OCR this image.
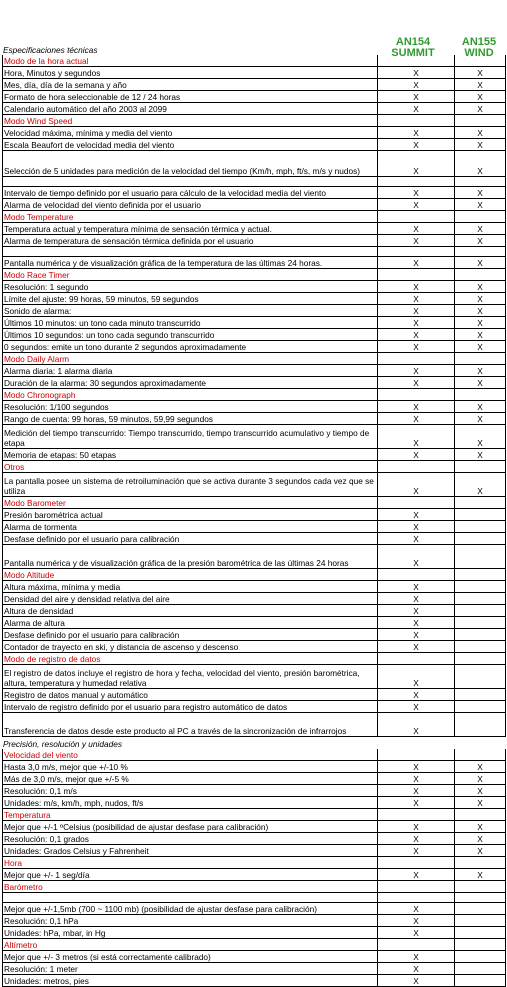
AN154
SUMMIT
AN155
WIND
Especificaciones técnicas
Modo de la hora actual
Hora, Minutos y segundos	X	X
Mes, día, día de la semana y año	X	X
Formato de hora seleccionable de 12 / 24 horas	X	X
Calendario automático del año 2003 al 2099	X	X
Modo Wind Speed
Velocidad máxima, mínima y media del viento	X	X
Escala Beaufort de velocidad media del viento	X	X
Selección de 5 unidades para medición de la velocidad del tiempo (Km/h, mph, ft/s, m/s y nudos)	X	X
Intervalo de tiempo definido por el usuario para cálculo de la velocidad media del viento	X	X
Alarma de velocidad del viento definida por el usuario	X	X
Modo Temperature
Temperatura actual y temperatura mínima de sensación térmica y actual.	X	X
Alarma de temperatura de sensación térmica definida por el usuario	X	X
Pantalla numérica y de visualización gráfica de la temperatura de las últimas 24 horas.	X	X
Modo Race Timer
Resolución: 1 segundo	X	X
Límite del ajuste: 99 horas, 59 minutos, 59 segundos	X	X
Sonido de alarma:	X	X
Últimos 10 minutos: un tono cada minuto transcurrido	X	X
Últimos 10 segundos: un tono cada segundo transcurrido	X	X
0 segundos: emite un tono durante 2 segundos aproximadamente	X	X
Modo Daily Alarm
Alarma diaria: 1 alarma diaria	X	X
Duración de la alarma: 30 segundos aproximadamente	X	X
Modo Chronograph
Resolución: 1/100 segundos	X	X
Rango de cuenta: 99 horas, 59 minutos, 59,99 segundos	X	X
Medición del tiempo transcurrido: Tiempo transcurrido, tiempo transcurrido acumulativo y tiempo de etapa	X	X
Memoria de etapas: 50 etapas	X	X
Otros
La pantalla posee un sistema de retroiluminación que se activa durante 3 segundos cada vez que se utiliza	X	X
Modo Barometer
Presión barométrica actual	X
Alarma de tormenta	X
Desfase definido por el usuario para calibración	X
Pantalla numérica y de visualización gráfica de la presión barométrica de las últimas 24 horas	X
Modo Altitude
Altura máxima, mínima y media	X
Densidad del aire y densidad relativa del aire	X
Altura de densidad	X
Alarma de altura	X
Desfase definido por el usuario para calibración	X
Contador de trayecto en ski, y distancia de ascenso y descenso	X
Modo de registro de datos
El registro de datos incluye el registro de hora y fecha, velocidad del viento, presión barométrica, altura, temperatura y humedad relativa	X
Registro de datos manual y automático	X
Intervalo de registro definido por el usuario para registro automático de datos	X
Transferencia de datos desde este producto al PC a través de la sincronización de infrarrojos	X
Precisión, resolución y unidades
Velocidad del viento
Hasta 3,0 m/s, mejor que +/-10 %	X	X
Más de 3,0 m/s, mejor que +/-5 %	X	X
Resolución: 0,1 m/s	X	X
Unidades: m/s, km/h, mph, nudos, ft/s	X	X
Temperatura
Mejor que +/-1 ºCelsius (posibilidad de ajustar desfase para calibración)	X	X
Resolución: 0,1 grados	X	X
Unidades: Grados Celsius y Fahrenheit	X	X
Hora
Mejor que +/- 1 seg/día	X	X
Barómetro
Mejor que +/-1,5mb (700 ~ 1100 mb) (posibilidad de ajustar desfase para calibración)	X
Resolución: 0,1 hPa	X
Unidades: hPa, mbar, in Hg	X
Altímetro
Mejor que +/- 3 metros (si está correctamente calibrado)	X
Resolución: 1 meter	X
Unidades: metros, pies	X
